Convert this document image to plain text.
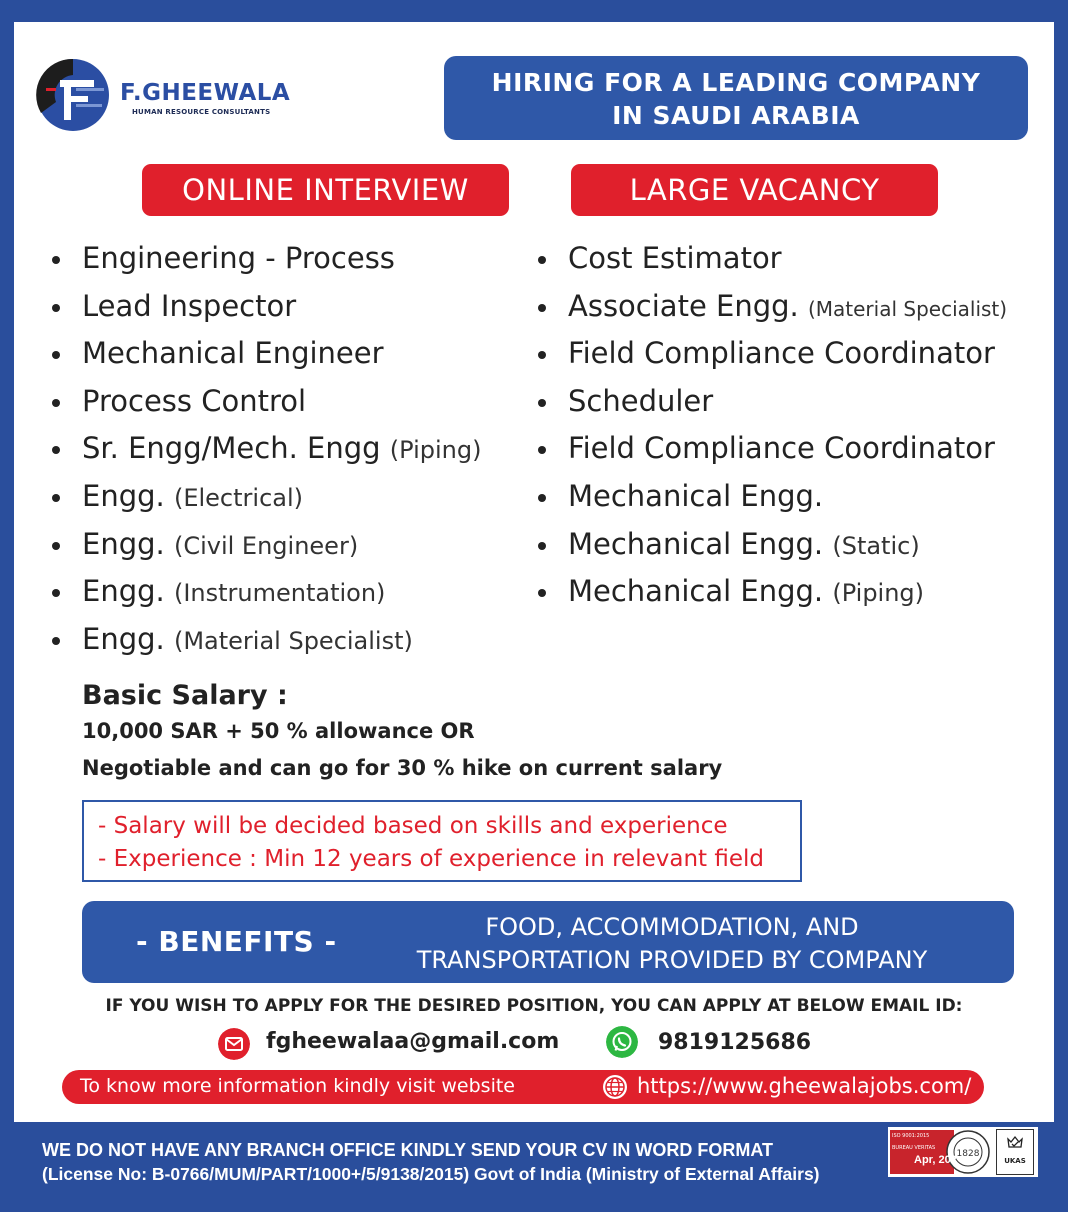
F.GHEEWALA
HUMAN RESOURCE CONSULTANTS
HIRING FOR A LEADING COMPANY
IN SAUDI ARABIA
ONLINE INTERVIEW	LARGE VACANCY
Engineering - Process
Lead Inspector
Mechanical Engineer
Process Control
Sr. Engg/Mech. Engg (Piping)
Engg. (Electrical)
Engg. (Civil Engineer)
Engg. (Instrumentation)
Engg. (Material Specialist)
Cost Estimator
Associate Engg. (Material Specialist)
Field Compliance Coordinator
Scheduler
Field Compliance Coordinator
Mechanical Engg.
Mechanical Engg. (Static)
Mechanical Engg. (Piping)
Basic Salary :
10,000 SAR + 50 % allowance OR
Negotiable and can go for 30 % hike on current salary
- Salary will be decided based on skills and experience
- Experience : Min 12 years of experience in relevant field
- BENEFITS -	FOOD, ACCOMMODATION, AND
TRANSPORTATION PROVIDED BY COMPANY
IF YOU WISH TO APPLY FOR THE DESIRED POSITION, YOU CAN APPLY AT BELOW EMAIL ID:
fgheewalaa@gmail.com	9819125686
To know more information kindly visit website	https://www.gheewalajobs.com/
WE DO NOT HAVE ANY BRANCH OFFICE KINDLY SEND YOUR CV IN WORD FORMAT
(License No: B-0766/MUM/PART/1000+/5/9138/2015) Govt of India (Ministry of External Affairs)
ISO 9001:2015
BUREAU VERITAS
1828
Apr, 202	UKAS
